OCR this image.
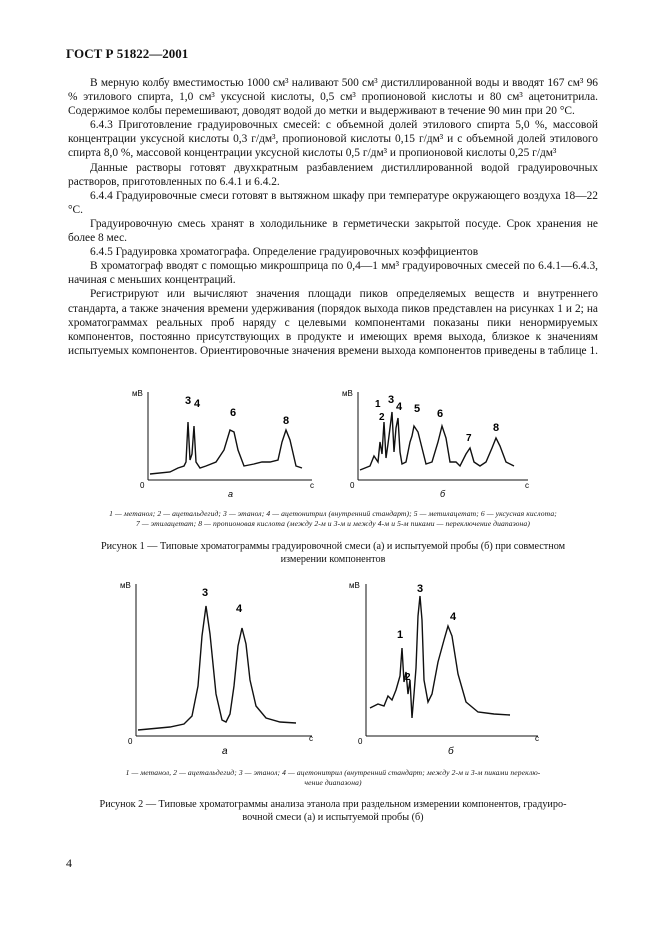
ГОСТ Р 51822—2001

В мерную колбу вместимостью 1000 см³ наливают 500 см³ дистиллированной воды и вводят 167 см³ 96 % этилового спирта, 1,0 см³ уксусной кислоты, 0,5 см³ пропионовой кислоты и 80 см³ ацетонитрила. Содержимое колбы перемешивают, доводят водой до метки и выдерживают в течение 90 мин при 20 °С.

6.4.3 Приготовление градуировочных смесей: с объемной долей этилового спирта 5,0 %, массовой концентрации уксусной кислоты 0,3 г/дм³, пропионовой кислоты 0,15 г/дм³ и с объемной долей этилового спирта 8,0 %, массовой концентрации уксусной кислоты 0,5 г/дм³ и пропионовой кислоты 0,25 г/дм³

Данные растворы готовят двухкратным разбавлением дистиллированной водой градуировочных растворов, приготовленных по 6.4.1 и 6.4.2.

6.4.4 Градуировочные смеси готовят в вытяжном шкафу при температуре окружающего воздуха 18—22 °С.

Градуировочную смесь хранят в холодильнике в герметически закрытой посуде. Срок хранения не более 8 мес.

6.4.5 Градуировка хроматографа. Определение градуировочных коэффициентов

В хроматограф вводят с помощью микрошприца по 0,4—1 мм³ градуировочных смесей по 6.4.1—6.4.3, начиная с меньших концентраций.

Регистрируют или вычисляют значения площади пиков определяемых веществ и внутреннего стандарта, а также значения времени удерживания (порядок выхода пиков представлен на рисунках 1 и 2; на хроматограммах реальных проб наряду с целевыми компонентами показаны пики ненормируемых компонентов, постоянно присутствующих в продукте и имеющих время выхода, близкое к значениям испытуемых компонентов. Ориентировочные значения времени выхода компонентов приведены в таблице 1.

мВ
0	с
а
3 4
6
8
мВ
0	с
б
1
2
3
4 5 6
7
8
1 — метанол; 2 — ацетальдегид; 3 — этанол; 4 — ацетонитрил (внутренний стандарт); 5 — метилацетат; 6 — уксусная кислота;
7 — этилацетат; 8 — пропионовая кислота (между 2-м и 3-м и между 4-м и 5-м пиками — переключение диапазона)
Рисунок 1 — Типовые хроматограммы градуировочной смеси (а) и испытуемой пробы (б) при совместном
измерении компонентов
мВ
0	с
а
3
4
мВ
0	с
б
1
2
3
4
1 — метанол, 2 — ацетальдегид; 3 — этанол; 4 — ацетонитрил (внутренний стандарт; между 2-м и 3-м пиками переклю-
чение диапазона)
Рисунок 2 — Типовые хроматограммы анализа этанола при раздельном измерении компонентов, градуиро-
вочной смеси (а) и испытуемой пробы (б)
4
